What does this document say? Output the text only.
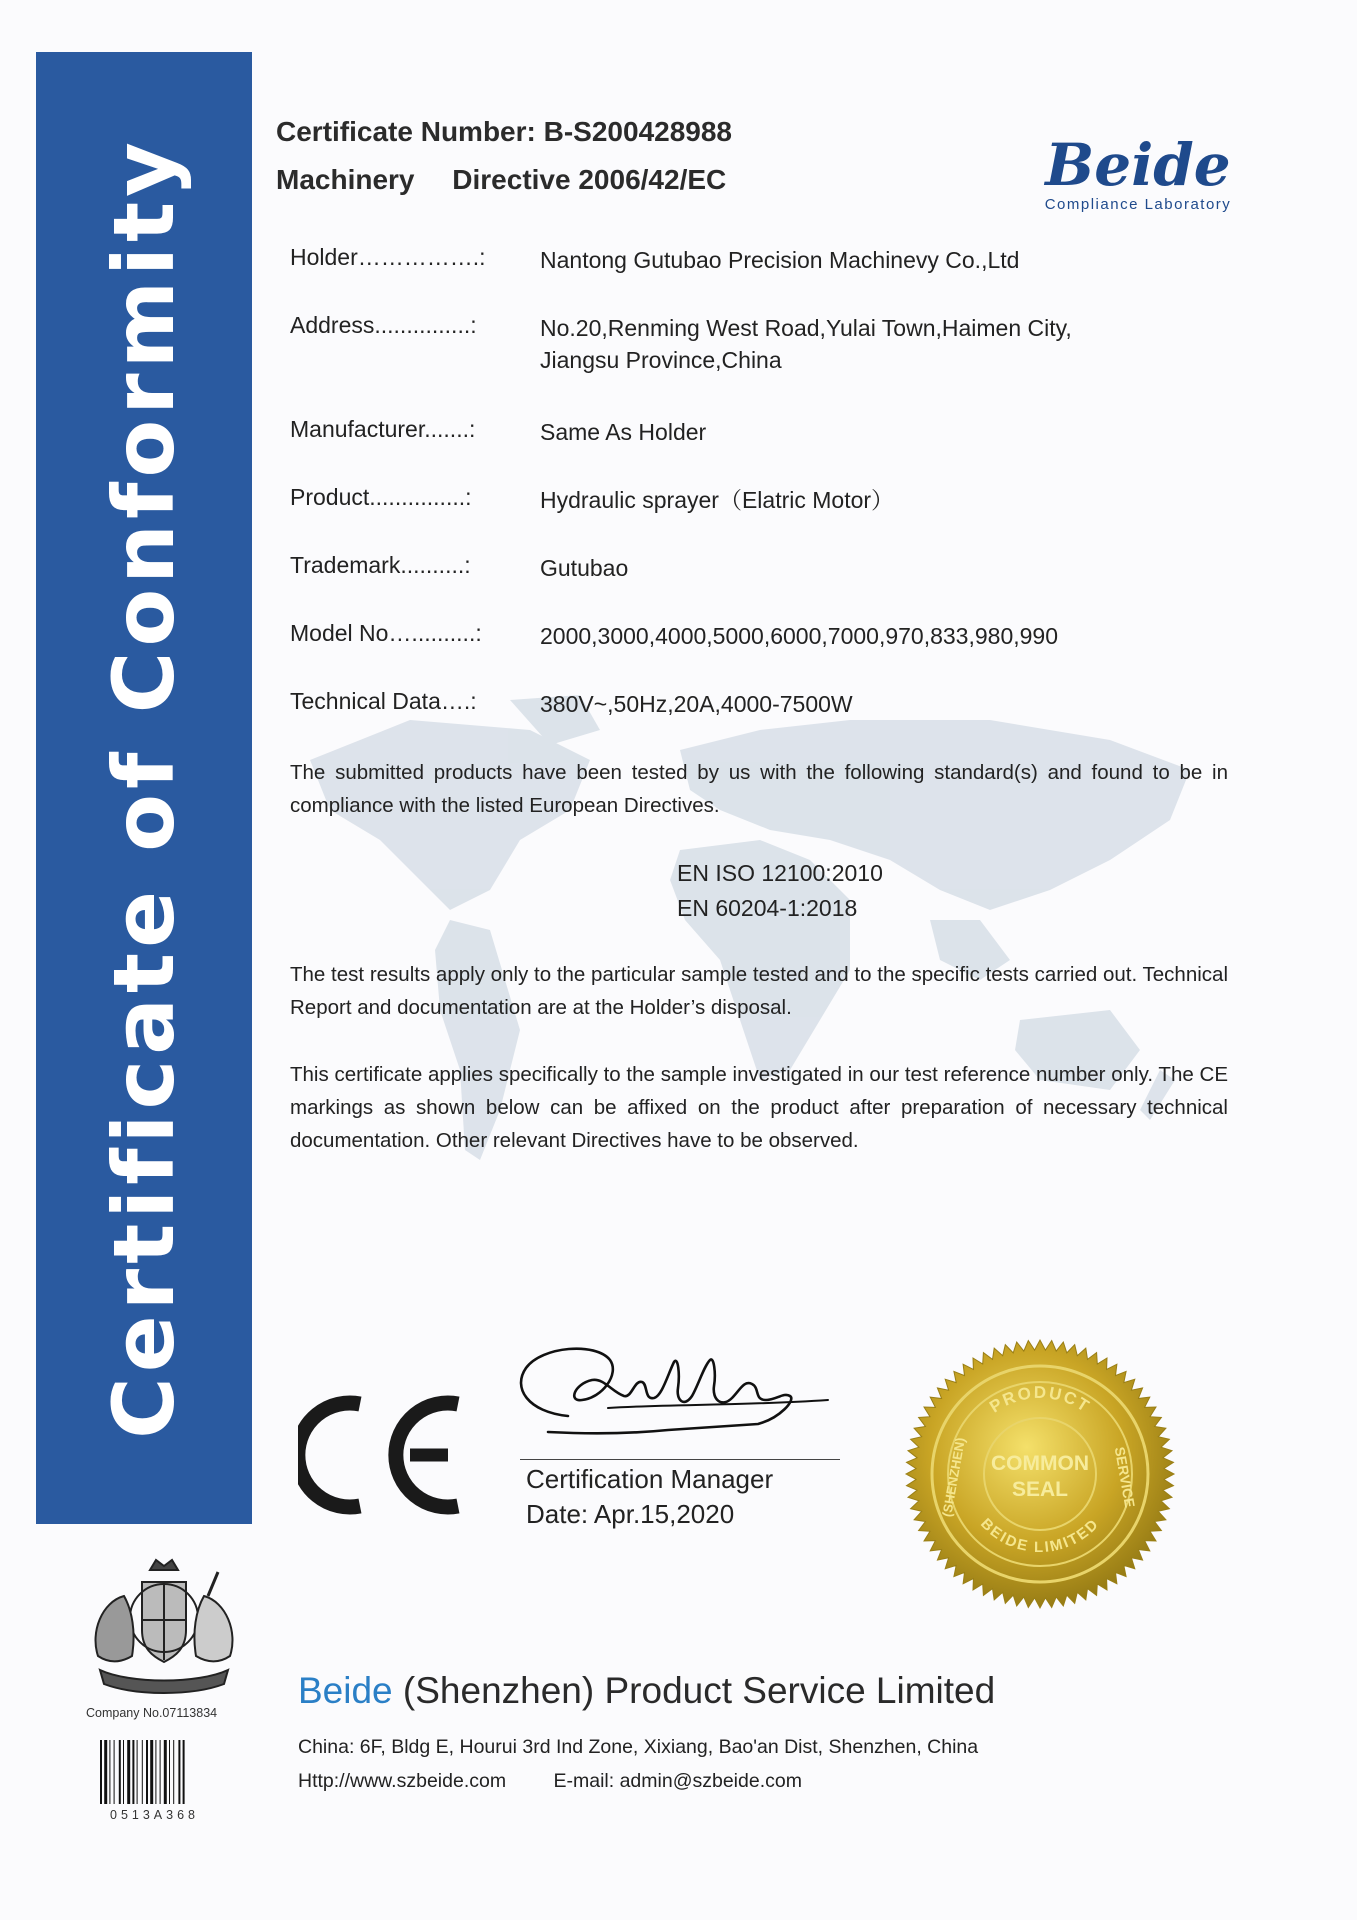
Certificate of Conformity
Certificate Number: B-S200428988
Machinery Directive 2006/42/EC	Beide
Compliance Laboratory
Holder…………….: Nantong Gutubao Precision Machinevy Co.,Ltd
Address...............:	No.20,Renming West Road,Yulai Town,Haimen City,
Jiangsu Province,China
Manufacturer.......:	Same As Holder
Product...............:	Hydraulic sprayer（Elatric Motor）
Trademark..........:	Gutubao
Model No…..........:	2000,3000,4000,5000,6000,7000,970,833,980,990
Technical Data….:	380V~,50Hz,20A,4000-7500W
The submitted products have been tested by us with the following standard(s) and found to be in compliance with the listed European Directives.
EN ISO 12100:2010
EN 60204-1:2018
The test results apply only to the particular sample tested and to the specific tests carried out. Technical Report and documentation are at the Holder’s disposal.
This certificate applies specifically to the sample investigated in our test reference number only. The CE markings as shown below can be affixed on the product after preparation of necessary technical documentation. Other relevant Directives have to be observed.
Certification Manager
Date: Apr.15,2020
PRODUCT
BEIDE LIMITED
SERVICE
(SHENZHEN) COMMON
SEAL
Company No.07113834
0513A368
Beide (Shenzhen) Product Service Limited
China: 6F, Bldg E, Hourui 3rd Ind Zone, Xixiang, Bao'an Dist, Shenzhen, China
Http://www.szbeide.com E-mail: admin@szbeide.com
